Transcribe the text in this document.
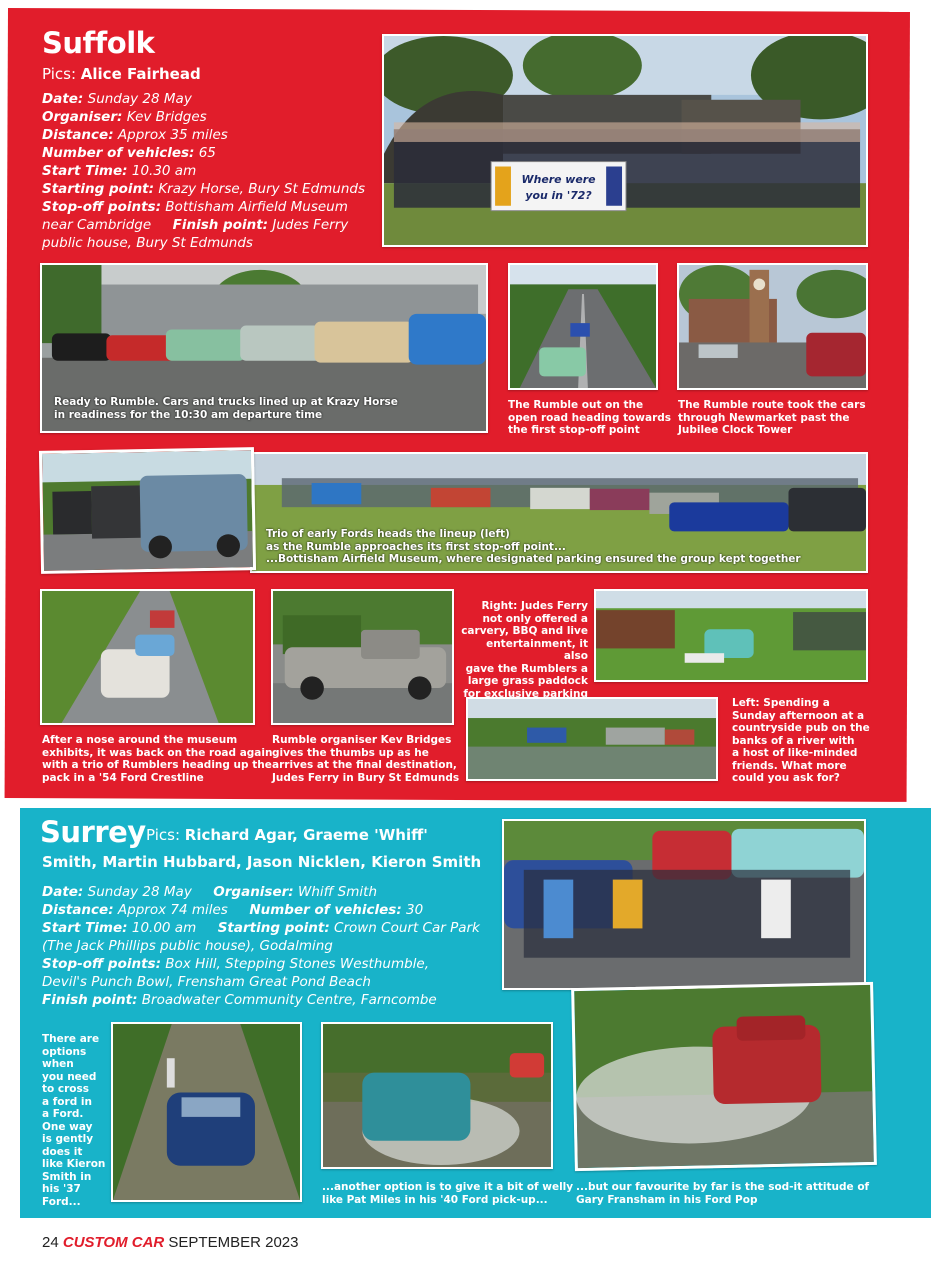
Suffolk
Pics: Alice Fairhead
Date: Sunday 28 May
Organiser: Kev Bridges
Distance: Approx 35 miles
Number of vehicles: 65
Start Time: 10.30 am
Starting point: Krazy Horse, Bury St Edmunds
Stop-off points: Bottisham Airfield Museum
near Cambridge Finish point: Judes Ferry
public house, Bury St Edmunds
Where were
you in '72?
Ready to Rumble. Cars and trucks lined up at Krazy Horse
in readiness for the 10:30 am departure time
The Rumble out on the
open road heading towards
the first stop-off point
The Rumble route took the cars
through Newmarket past the
Jubilee Clock Tower
Trio of early Fords heads the lineup (left)
as the Rumble approaches its first stop-off point...
...Bottisham Airfield Museum, where designated parking ensured the group kept together
After a nose around the museum
exhibits, it was back on the road again
with a trio of Rumblers heading up the
pack in a '54 Ford Crestline
Rumble organiser Kev Bridges
gives the thumbs up as he
arrives at the final destination,
Judes Ferry in Bury St Edmunds
Right: Judes Ferry
not only offered a
carvery, BBQ and live
entertainment, it also
gave the Rumblers a
large grass paddock
for exclusive parking
Left: Spending a
Sunday afternoon at a
countryside pub on the
banks of a river with
a host of like-minded
friends. What more
could you ask for?
Surrey Pics: Richard Agar, Graeme 'Whiff'
Smith, Martin Hubbard, Jason Nicklen, Kieron Smith
Date: Sunday 28 May Organiser: Whiff Smith
Distance: Approx 74 miles Number of vehicles: 30
Start Time: 10.00 am Starting point: Crown Court Car Park
(The Jack Phillips public house), Godalming
Stop-off points: Box Hill, Stepping Stones Westhumble,
Devil's Punch Bowl, Frensham Great Pond Beach
Finish point: Broadwater Community Centre, Farncombe
There are
options
when
you need
to cross
a ford in
a Ford.
One way
is gently
does it
like Kieron
Smith in
his '37
Ford...
...another option is to give it a bit of welly
like Pat Miles in his '40 Ford pick-up...
...but our favourite by far is the sod-it attitude of
Gary Fransham in his Ford Pop
24 CUSTOM CAR SEPTEMBER 2023
